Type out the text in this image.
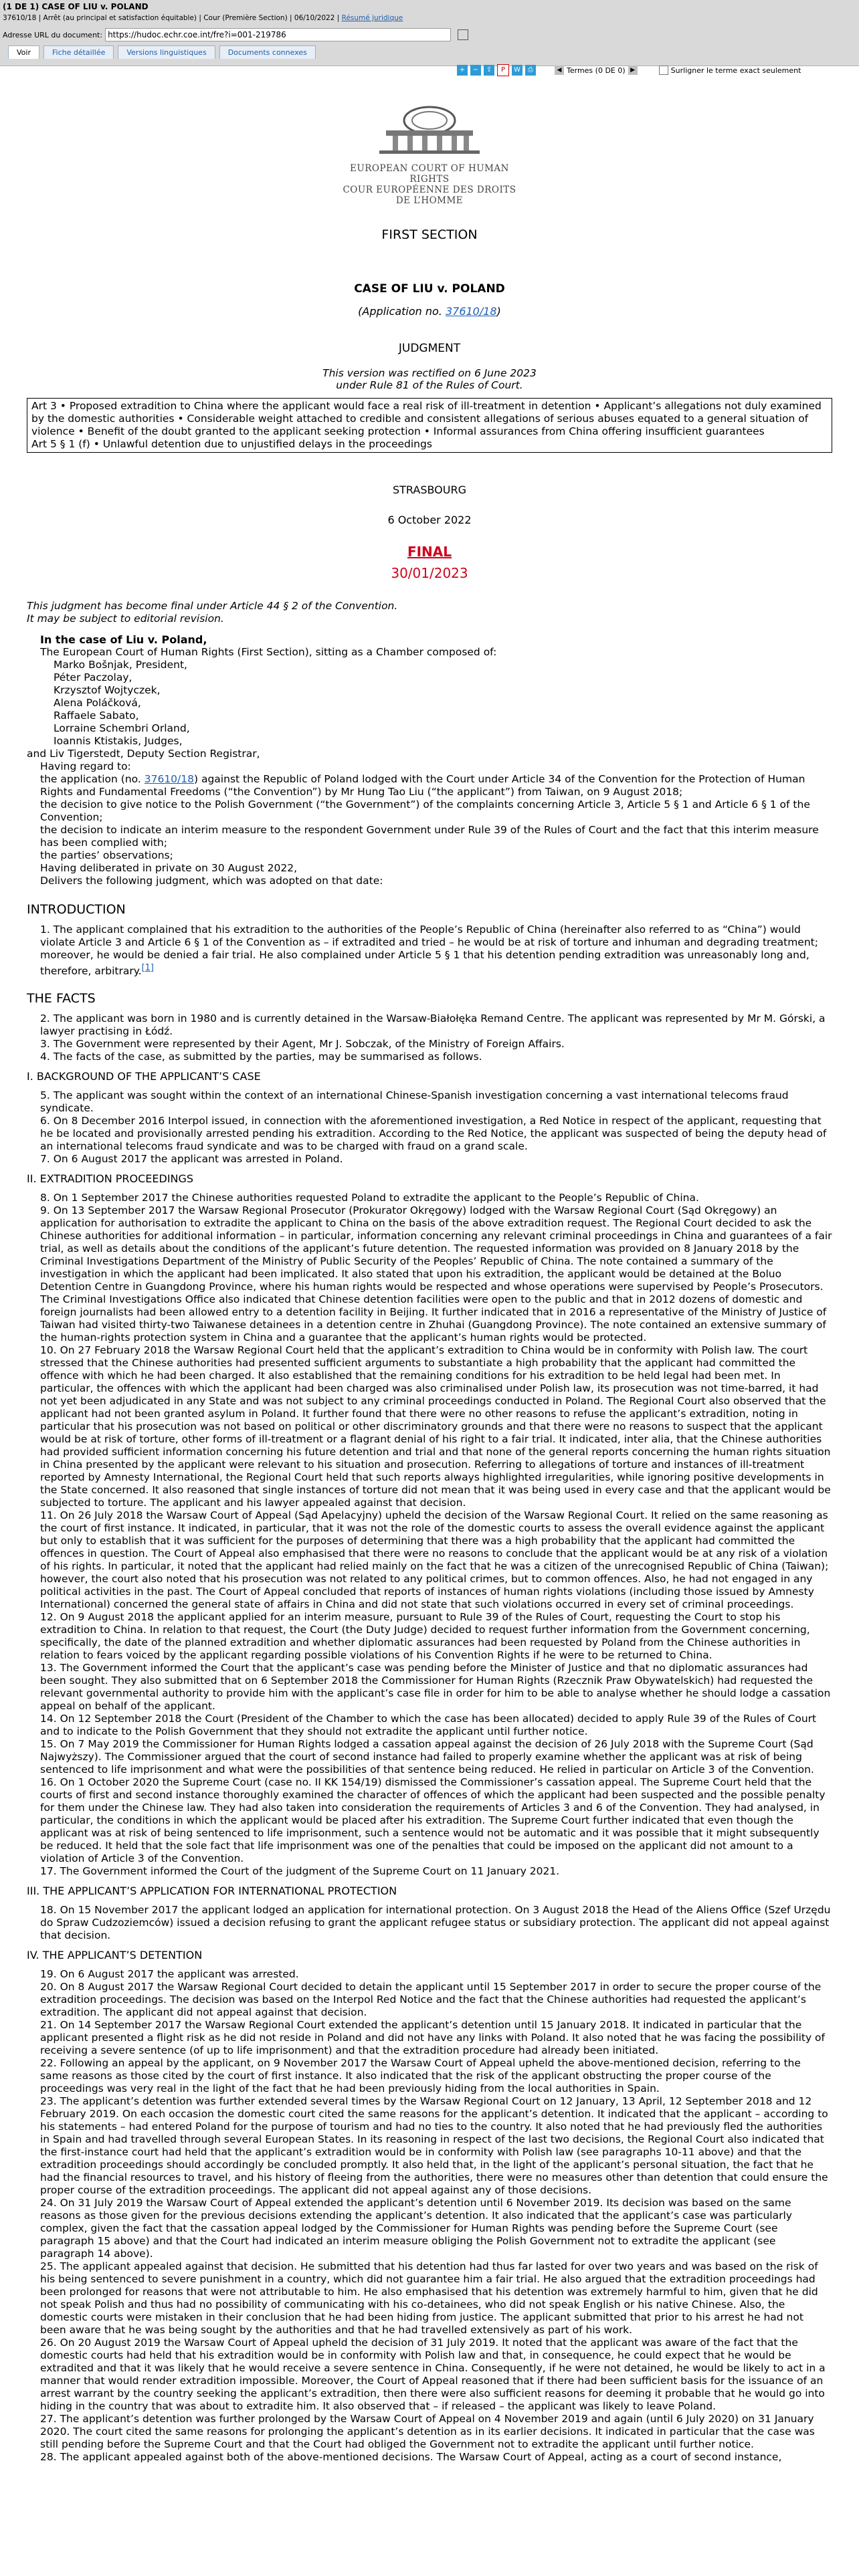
(1 DE 1) CASE OF LIU v. POLAND
37610/18 | Arrêt (au principal et satisfaction équitable) | Cour (Première Section) | 06/10/2022 | Résumé juridique
Adresse URL du document: https://hudoc.echr.coe.int/fre?i=001-219786
Voir	Fiche détaillée	Versions linguistiques	Documents connexes
+	−	⇪	P	W	⎙	◀ Termes (0 DE 0) ▶	Surligner le terme exact seulement
EUROPEAN COURT OF HUMAN RIGHTS
COUR EUROPÉENNE DES DROITS DE L’HOMME
FIRST SECTION
CASE OF LIU v. POLAND
(Application no. 37610/18)
JUDGMENT
This version was rectified on 6 June 2023
under Rule 81 of the Rules of Court.

Art 3 • Proposed extradition to China where the applicant would face a real risk of ill-treatment in detention • Applicant’s allegations not duly examined by the domestic authorities • Considerable weight attached to credible and consistent allegations of serious abuses equated to a general situation of violence • Benefit of the doubt granted to the applicant seeking protection • Informal assurances from China offering insufficient guarantees

Art 5 § 1 (f) • Unlawful detention due to unjustified delays in the proceedings

STRASBOURG
6 October 2022
FINAL
30/01/2023

This judgment has become final under Article 44 § 2 of the Convention.

It may be subject to editorial revision.

In the case of Liu v. Poland,

The European Court of Human Rights (First Section), sitting as a Chamber composed of:

Marko Bošnjak, President,

Péter Paczolay,

Krzysztof Wojtyczek,

Alena Poláčková,

Raffaele Sabato,

Lorraine Schembri Orland,

Ioannis Ktistakis, Judges,

and Liv Tigerstedt, Deputy Section Registrar,

Having regard to:

the application (no. 37610/18) against the Republic of Poland lodged with the Court under Article 34 of the Convention for the Protection of Human Rights and Fundamental Freedoms (“the Convention”) by Mr Hung Tao Liu (“the applicant”) from Taiwan, on 9 August 2018;

the decision to give notice to the Polish Government (“the Government”) of the complaints concerning Article 3, Article 5 § 1 and Article 6 § 1 of the Convention;

the decision to indicate an interim measure to the respondent Government under Rule 39 of the Rules of Court and the fact that this interim measure has been complied with;

the parties’ observations;

Having deliberated in private on 30 August 2022,

Delivers the following judgment, which was adopted on that date:

INTRODUCTION

1. The applicant complained that his extradition to the authorities of the People’s Republic of China (hereinafter also referred to as “China”) would violate Article 3 and Article 6 § 1 of the Convention as – if extradited and tried – he would be at risk of torture and inhuman and degrading treatment; moreover, he would be denied a fair trial. He also complained under Article 5 § 1 that his detention pending extradition was unreasonably long and, therefore, arbitrary.[1]

THE FACTS

2. The applicant was born in 1980 and is currently detained in the Warsaw-Białołęka Remand Centre. The applicant was represented by Mr M. Górski, a lawyer practising in Łódź.

3. The Government were represented by their Agent, Mr J. Sobczak, of the Ministry of Foreign Affairs.

4. The facts of the case, as submitted by the parties, may be summarised as follows.

I. BACKGROUND OF THE APPLICANT’S CASE

5. The applicant was sought within the context of an international Chinese-Spanish investigation concerning a vast international telecoms fraud syndicate.

6. On 8 December 2016 Interpol issued, in connection with the aforementioned investigation, a Red Notice in respect of the applicant, requesting that he be located and provisionally arrested pending his extradition. According to the Red Notice, the applicant was suspected of being the deputy head of an international telecoms fraud syndicate and was to be charged with fraud on a grand scale.

7. On 6 August 2017 the applicant was arrested in Poland.

II. EXTRADITION PROCEEDINGS

8. On 1 September 2017 the Chinese authorities requested Poland to extradite the applicant to the People’s Republic of China.

9. On 13 September 2017 the Warsaw Regional Prosecutor (Prokurator Okręgowy) lodged with the Warsaw Regional Court (Sąd Okręgowy) an application for authorisation to extradite the applicant to China on the basis of the above extradition request. The Regional Court decided to ask the Chinese authorities for additional information – in particular, information concerning any relevant criminal proceedings in China and guarantees of a fair trial, as well as details about the conditions of the applicant’s future detention. The requested information was provided on 8 January 2018 by the Criminal Investigations Department of the Ministry of Public Security of the Peoples’ Republic of China. The note contained a summary of the investigation in which the applicant had been implicated. It also stated that upon his extradition, the applicant would be detained at the Boluo Detention Centre in Guangdong Province, where his human rights would be respected and whose operations were supervised by People’s Prosecutors. The Criminal Investigations Office also indicated that Chinese detention facilities were open to the public and that in 2012 dozens of domestic and foreign journalists had been allowed entry to a detention facility in Beijing. It further indicated that in 2016 a representative of the Ministry of Justice of Taiwan had visited thirty-two Taiwanese detainees in a detention centre in Zhuhai (Guangdong Province). The note contained an extensive summary of the human-rights protection system in China and a guarantee that the applicant’s human rights would be protected.

10. On 27 February 2018 the Warsaw Regional Court held that the applicant’s extradition to China would be in conformity with Polish law. The court stressed that the Chinese authorities had presented sufficient arguments to substantiate a high probability that the applicant had committed the offence with which he had been charged. It also established that the remaining conditions for his extradition to be held legal had been met. In particular, the offences with which the applicant had been charged was also criminalised under Polish law, its prosecution was not time-barred, it had not yet been adjudicated in any State and was not subject to any criminal proceedings conducted in Poland. The Regional Court also observed that the applicant had not been granted asylum in Poland. It further found that there were no other reasons to refuse the applicant’s extradition, noting in particular that his prosecution was not based on political or other discriminatory grounds and that there were no reasons to suspect that the applicant would be at risk of torture, other forms of ill-treatment or a flagrant denial of his right to a fair trial. It indicated, inter alia, that the Chinese authorities had provided sufficient information concerning his future detention and trial and that none of the general reports concerning the human rights situation in China presented by the applicant were relevant to his situation and prosecution. Referring to allegations of torture and instances of ill-treatment reported by Amnesty International, the Regional Court held that such reports always highlighted irregularities, while ignoring positive developments in the State concerned. It also reasoned that single instances of torture did not mean that it was being used in every case and that the applicant would be subjected to torture. The applicant and his lawyer appealed against that decision.

11. On 26 July 2018 the Warsaw Court of Appeal (Sąd Apelacyjny) upheld the decision of the Warsaw Regional Court. It relied on the same reasoning as the court of first instance. It indicated, in particular, that it was not the role of the domestic courts to assess the overall evidence against the applicant but only to establish that it was sufficient for the purposes of determining that there was a high probability that the applicant had committed the offences in question. The Court of Appeal also emphasised that there were no reasons to conclude that the applicant would be at any risk of a violation of his rights. In particular, it noted that the applicant had relied mainly on the fact that he was a citizen of the unrecognised Republic of China (Taiwan); however, the court also noted that his prosecution was not related to any political crimes, but to common offences. Also, he had not engaged in any political activities in the past. The Court of Appeal concluded that reports of instances of human rights violations (including those issued by Amnesty International) concerned the general state of affairs in China and did not state that such violations occurred in every set of criminal proceedings.

12. On 9 August 2018 the applicant applied for an interim measure, pursuant to Rule 39 of the Rules of Court, requesting the Court to stop his extradition to China. In relation to that request, the Court (the Duty Judge) decided to request further information from the Government concerning, specifically, the date of the planned extradition and whether diplomatic assurances had been requested by Poland from the Chinese authorities in relation to fears voiced by the applicant regarding possible violations of his Convention Rights if he were to be returned to China.

13. The Government informed the Court that the applicant’s case was pending before the Minister of Justice and that no diplomatic assurances had been sought. They also submitted that on 6 September 2018 the Commissioner for Human Rights (Rzecznik Praw Obywatelskich) had requested the relevant governmental authority to provide him with the applicant’s case file in order for him to be able to analyse whether he should lodge a cassation appeal on behalf of the applicant.

14. On 12 September 2018 the Court (President of the Chamber to which the case has been allocated) decided to apply Rule 39 of the Rules of Court and to indicate to the Polish Government that they should not extradite the applicant until further notice.

15. On 7 May 2019 the Commissioner for Human Rights lodged a cassation appeal against the decision of 26 July 2018 with the Supreme Court (Sąd Najwyższy). The Commissioner argued that the court of second instance had failed to properly examine whether the applicant was at risk of being sentenced to life imprisonment and what were the possibilities of that sentence being reduced. He relied in particular on Article 3 of the Convention.

16. On 1 October 2020 the Supreme Court (case no. II KK 154/19) dismissed the Commissioner’s cassation appeal. The Supreme Court held that the courts of first and second instance thoroughly examined the character of offences of which the applicant had been suspected and the possible penalty for them under the Chinese law. They had also taken into consideration the requirements of Articles 3 and 6 of the Convention. They had analysed, in particular, the conditions in which the applicant would be placed after his extradition. The Supreme Court further indicated that even though the applicant was at risk of being sentenced to life imprisonment, such a sentence would not be automatic and it was possible that it might subsequently be reduced. It held that the sole fact that life imprisonment was one of the penalties that could be imposed on the applicant did not amount to a violation of Article 3 of the Convention.

17. The Government informed the Court of the judgment of the Supreme Court on 11 January 2021.

III. THE APPLICANT’S APPLICATION FOR INTERNATIONAL PROTECTION

18. On 15 November 2017 the applicant lodged an application for international protection. On 3 August 2018 the Head of the Aliens Office (Szef Urzędu do Spraw Cudzoziemców) issued a decision refusing to grant the applicant refugee status or subsidiary protection. The applicant did not appeal against that decision.

IV. THE APPLICANT’S DETENTION

19. On 6 August 2017 the applicant was arrested.

20. On 8 August 2017 the Warsaw Regional Court decided to detain the applicant until 15 September 2017 in order to secure the proper course of the extradition proceedings. The decision was based on the Interpol Red Notice and the fact that the Chinese authorities had requested the applicant’s extradition. The applicant did not appeal against that decision.

21. On 14 September 2017 the Warsaw Regional Court extended the applicant’s detention until 15 January 2018. It indicated in particular that the applicant presented a flight risk as he did not reside in Poland and did not have any links with Poland. It also noted that he was facing the possibility of receiving a severe sentence (of up to life imprisonment) and that the extradition procedure had already been initiated.

22. Following an appeal by the applicant, on 9 November 2017 the Warsaw Court of Appeal upheld the above-mentioned decision, referring to the same reasons as those cited by the court of first instance. It also indicated that the risk of the applicant obstructing the proper course of the proceedings was very real in the light of the fact that he had been previously hiding from the local authorities in Spain.

23. The applicant’s detention was further extended several times by the Warsaw Regional Court on 12 January, 13 April, 12 September 2018 and 12 February 2019. On each occasion the domestic court cited the same reasons for the applicant’s detention. It indicated that the applicant – according to his statements – had entered Poland for the purpose of tourism and had no ties to the country. It also noted that he had previously fled the authorities in Spain and had travelled through several European States. In its reasoning in respect of the last two decisions, the Regional Court also indicated that the first-instance court had held that the applicant’s extradition would be in conformity with Polish law (see paragraphs 10-11 above) and that the extradition proceedings should accordingly be concluded promptly. It also held that, in the light of the applicant’s personal situation, the fact that he had the financial resources to travel, and his history of fleeing from the authorities, there were no measures other than detention that could ensure the proper course of the extradition proceedings. The applicant did not appeal against any of those decisions.

24. On 31 July 2019 the Warsaw Court of Appeal extended the applicant’s detention until 6 November 2019. Its decision was based on the same reasons as those given for the previous decisions extending the applicant’s detention. It also indicated that the applicant’s case was particularly complex, given the fact that the cassation appeal lodged by the Commissioner for Human Rights was pending before the Supreme Court (see paragraph 15 above) and that the Court had indicated an interim measure obliging the Polish Government not to extradite the applicant (see paragraph 14 above).

25. The applicant appealed against that decision. He submitted that his detention had thus far lasted for over two years and was based on the risk of his being sentenced to severe punishment in a country, which did not guarantee him a fair trial. He also argued that the extradition proceedings had been prolonged for reasons that were not attributable to him. He also emphasised that his detention was extremely harmful to him, given that he did not speak Polish and thus had no possibility of communicating with his co-detainees, who did not speak English or his native Chinese. Also, the domestic courts were mistaken in their conclusion that he had been hiding from justice. The applicant submitted that prior to his arrest he had not been aware that he was being sought by the authorities and that he had travelled extensively as part of his work.

26. On 20 August 2019 the Warsaw Court of Appeal upheld the decision of 31 July 2019. It noted that the applicant was aware of the fact that the domestic courts had held that his extradition would be in conformity with Polish law and that, in consequence, he could expect that he would be extradited and that it was likely that he would receive a severe sentence in China. Consequently, if he were not detained, he would be likely to act in a manner that would render extradition impossible. Moreover, the Court of Appeal reasoned that if there had been sufficient basis for the issuance of an arrest warrant by the country seeking the applicant’s extradition, then there were also sufficient reasons for deeming it probable that he would go into hiding in the country that was about to extradite him. It also observed that – if released – the applicant was likely to leave Poland.

27. The applicant’s detention was further prolonged by the Warsaw Court of Appeal on 4 November 2019 and again (until 6 July 2020) on 31 January 2020. The court cited the same reasons for prolonging the applicant’s detention as in its earlier decisions. It indicated in particular that the case was still pending before the Supreme Court and that the Court had obliged the Government not to extradite the applicant until further notice.

28. The applicant appealed against both of the above-mentioned decisions. The Warsaw Court of Appeal, acting as a court of second instance,
